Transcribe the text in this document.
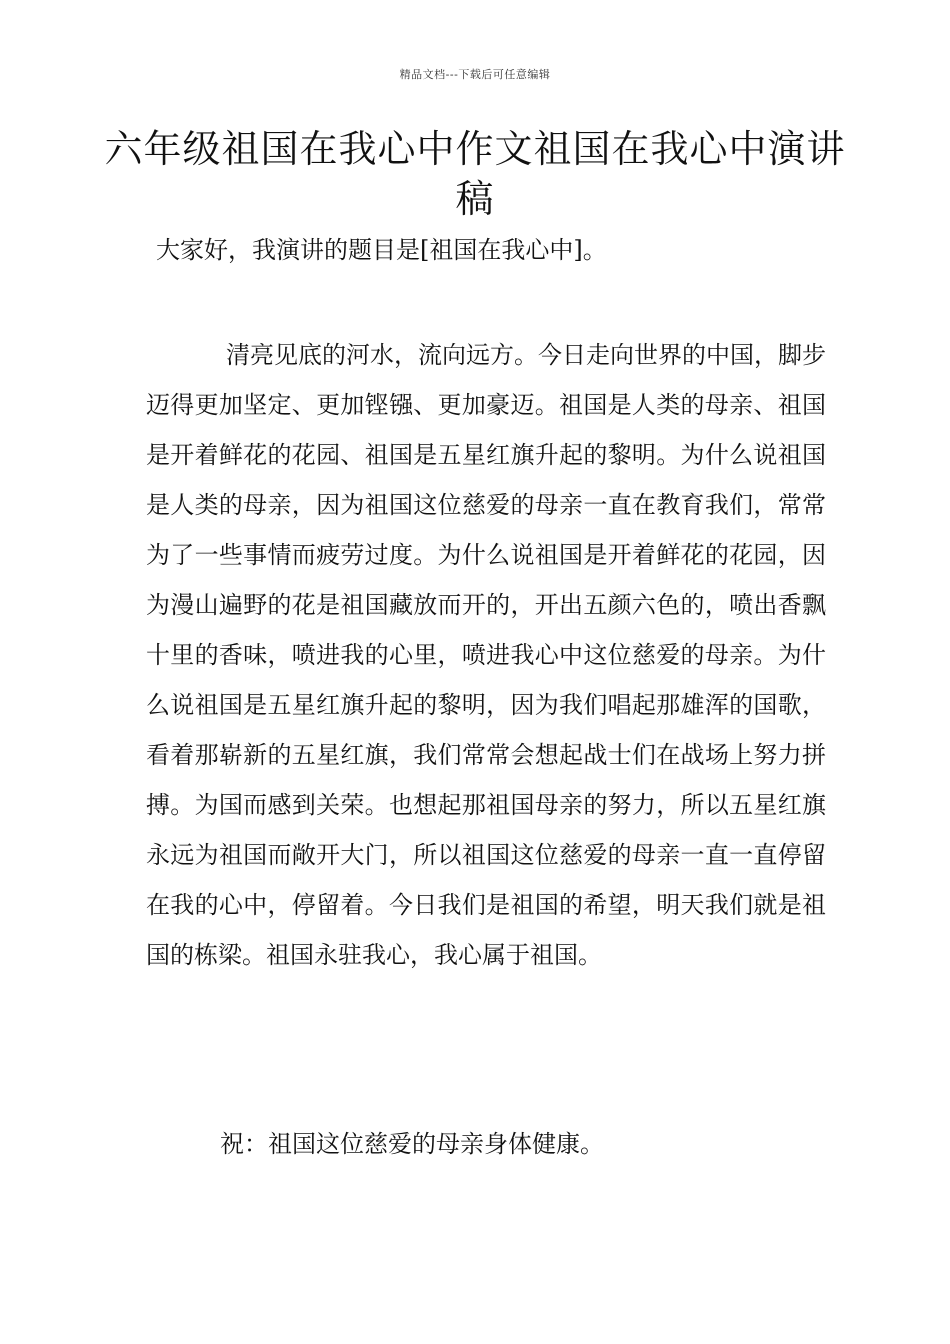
精品文档---下载后可任意编辑
六年级祖国在我心中作文祖国在我心中演讲稿

大家好，我演讲的题目是[祖国在我心中]。

清亮见底的河水，流向远方。今日走向世界的中国，脚步迈得更加坚定、更加铿镪、更加豪迈。祖国是人类的母亲、祖国是开着鲜花的花园、祖国是五星红旗升起的黎明。为什么说祖国是人类的母亲，因为祖国这位慈爱的母亲一直在教育我们，常常为了一些事情而疲劳过度。为什么说祖国是开着鲜花的花园，因为漫山遍野的花是祖国藏放而开的，开出五颜六色的，喷出香飘十里的香味，喷进我的心里，喷进我心中这位慈爱的母亲。为什么说祖国是五星红旗升起的黎明，因为我们唱起那雄浑的国歌，看着那崭新的五星红旗，我们常常会想起战士们在战场上努力拼搏。为国而感到关荣。也想起那祖国母亲的努力，所以五星红旗永远为祖国而敞开大门，所以祖国这位慈爱的母亲一直一直停留在我的心中，停留着。今日我们是祖国的希望，明天我们就是祖国的栋梁。祖国永驻我心，我心属于祖国。

祝：祖国这位慈爱的母亲身体健康。
